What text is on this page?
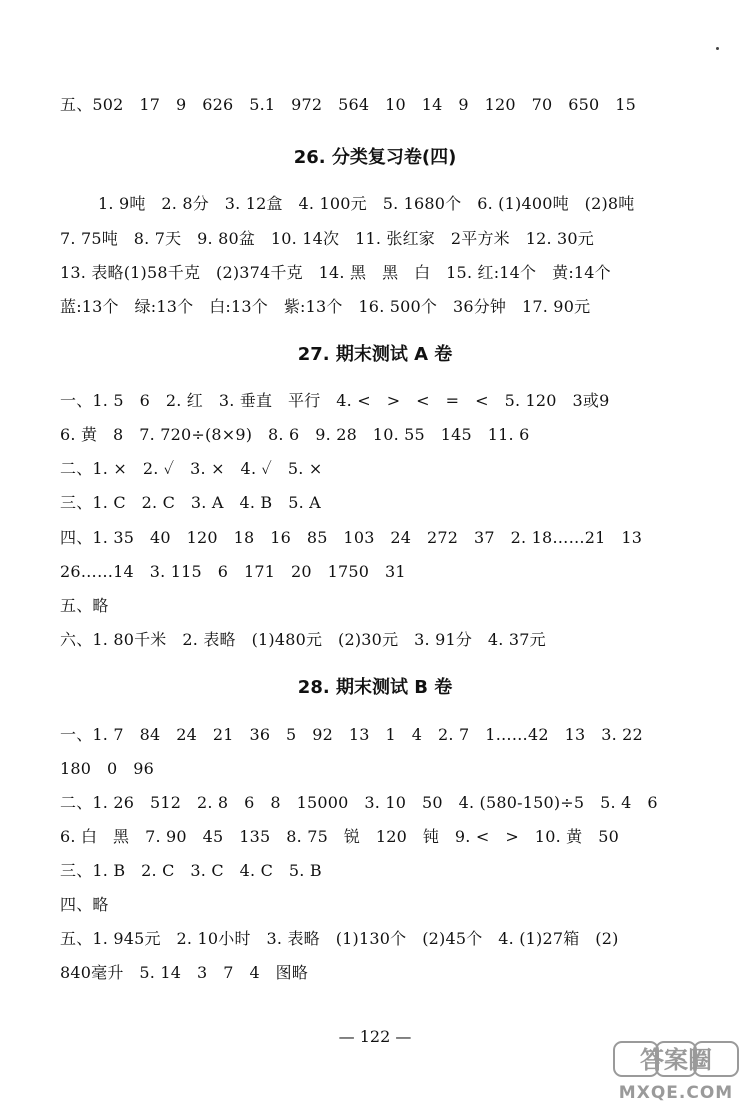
五、502   17   9   626   5.1   972   564   10   14   9   120   70   650   15
26. 分类复习卷(四)
1. 9吨   2. 8分   3. 12盒   4. 100元   5. 1680个   6. (1)400吨   (2)8吨
7. 75吨   8. 7天   9. 80盆   10. 14次   11. 张红家   2平方米   12. 30元
13. 表略(1)58千克   (2)374千克   14. 黑   黑   白   15. 红:14个   黄:14个
蓝:13个   绿:13个   白:13个   紫:13个   16. 500个   36分钟   17. 90元
27. 期末测试 A 卷
一、1. 5   6   2. 红   3. 垂直   平行   4. <   >   <   =   <   5. 120   3或9
6. 黄   8   7. 720÷(8×9)   8. 6   9. 28   10. 55   145   11. 6
二、1. ×   2. ✓   3. ×   4. ✓   5. ×
三、1. C   2. C   3. A   4. B   5. A
四、1. 35   40   120   18   16   85   103   24   272   37   2. 18……21   13
26……14   3. 115   6   171   20   1750   31
五、略
六、1. 80千米   2. 表略   (1)480元   (2)30元   3. 91分   4. 37元
28. 期末测试 B 卷
一、1. 7   84   24   21   36   5   92   13   1   4   2. 7   1……42   13   3. 22
180   0   96
二、1. 26   512   2. 8   6   8   15000   3. 10   50   4. (580-150)÷5   5. 4   6
6. 白   黑   7. 90   45   135   8. 75   锐   120   钝   9. <   >   10. 黄   50
三、1. B   2. C   3. C   4. C   5. B
四、略
五、1. 945元   2. 10小时   3. 表略   (1)130个   (2)45个   4. (1)27箱   (2)
840毫升   5. 14   3   7   4   图略
— 122 —
答案圈
MXQE.COM
